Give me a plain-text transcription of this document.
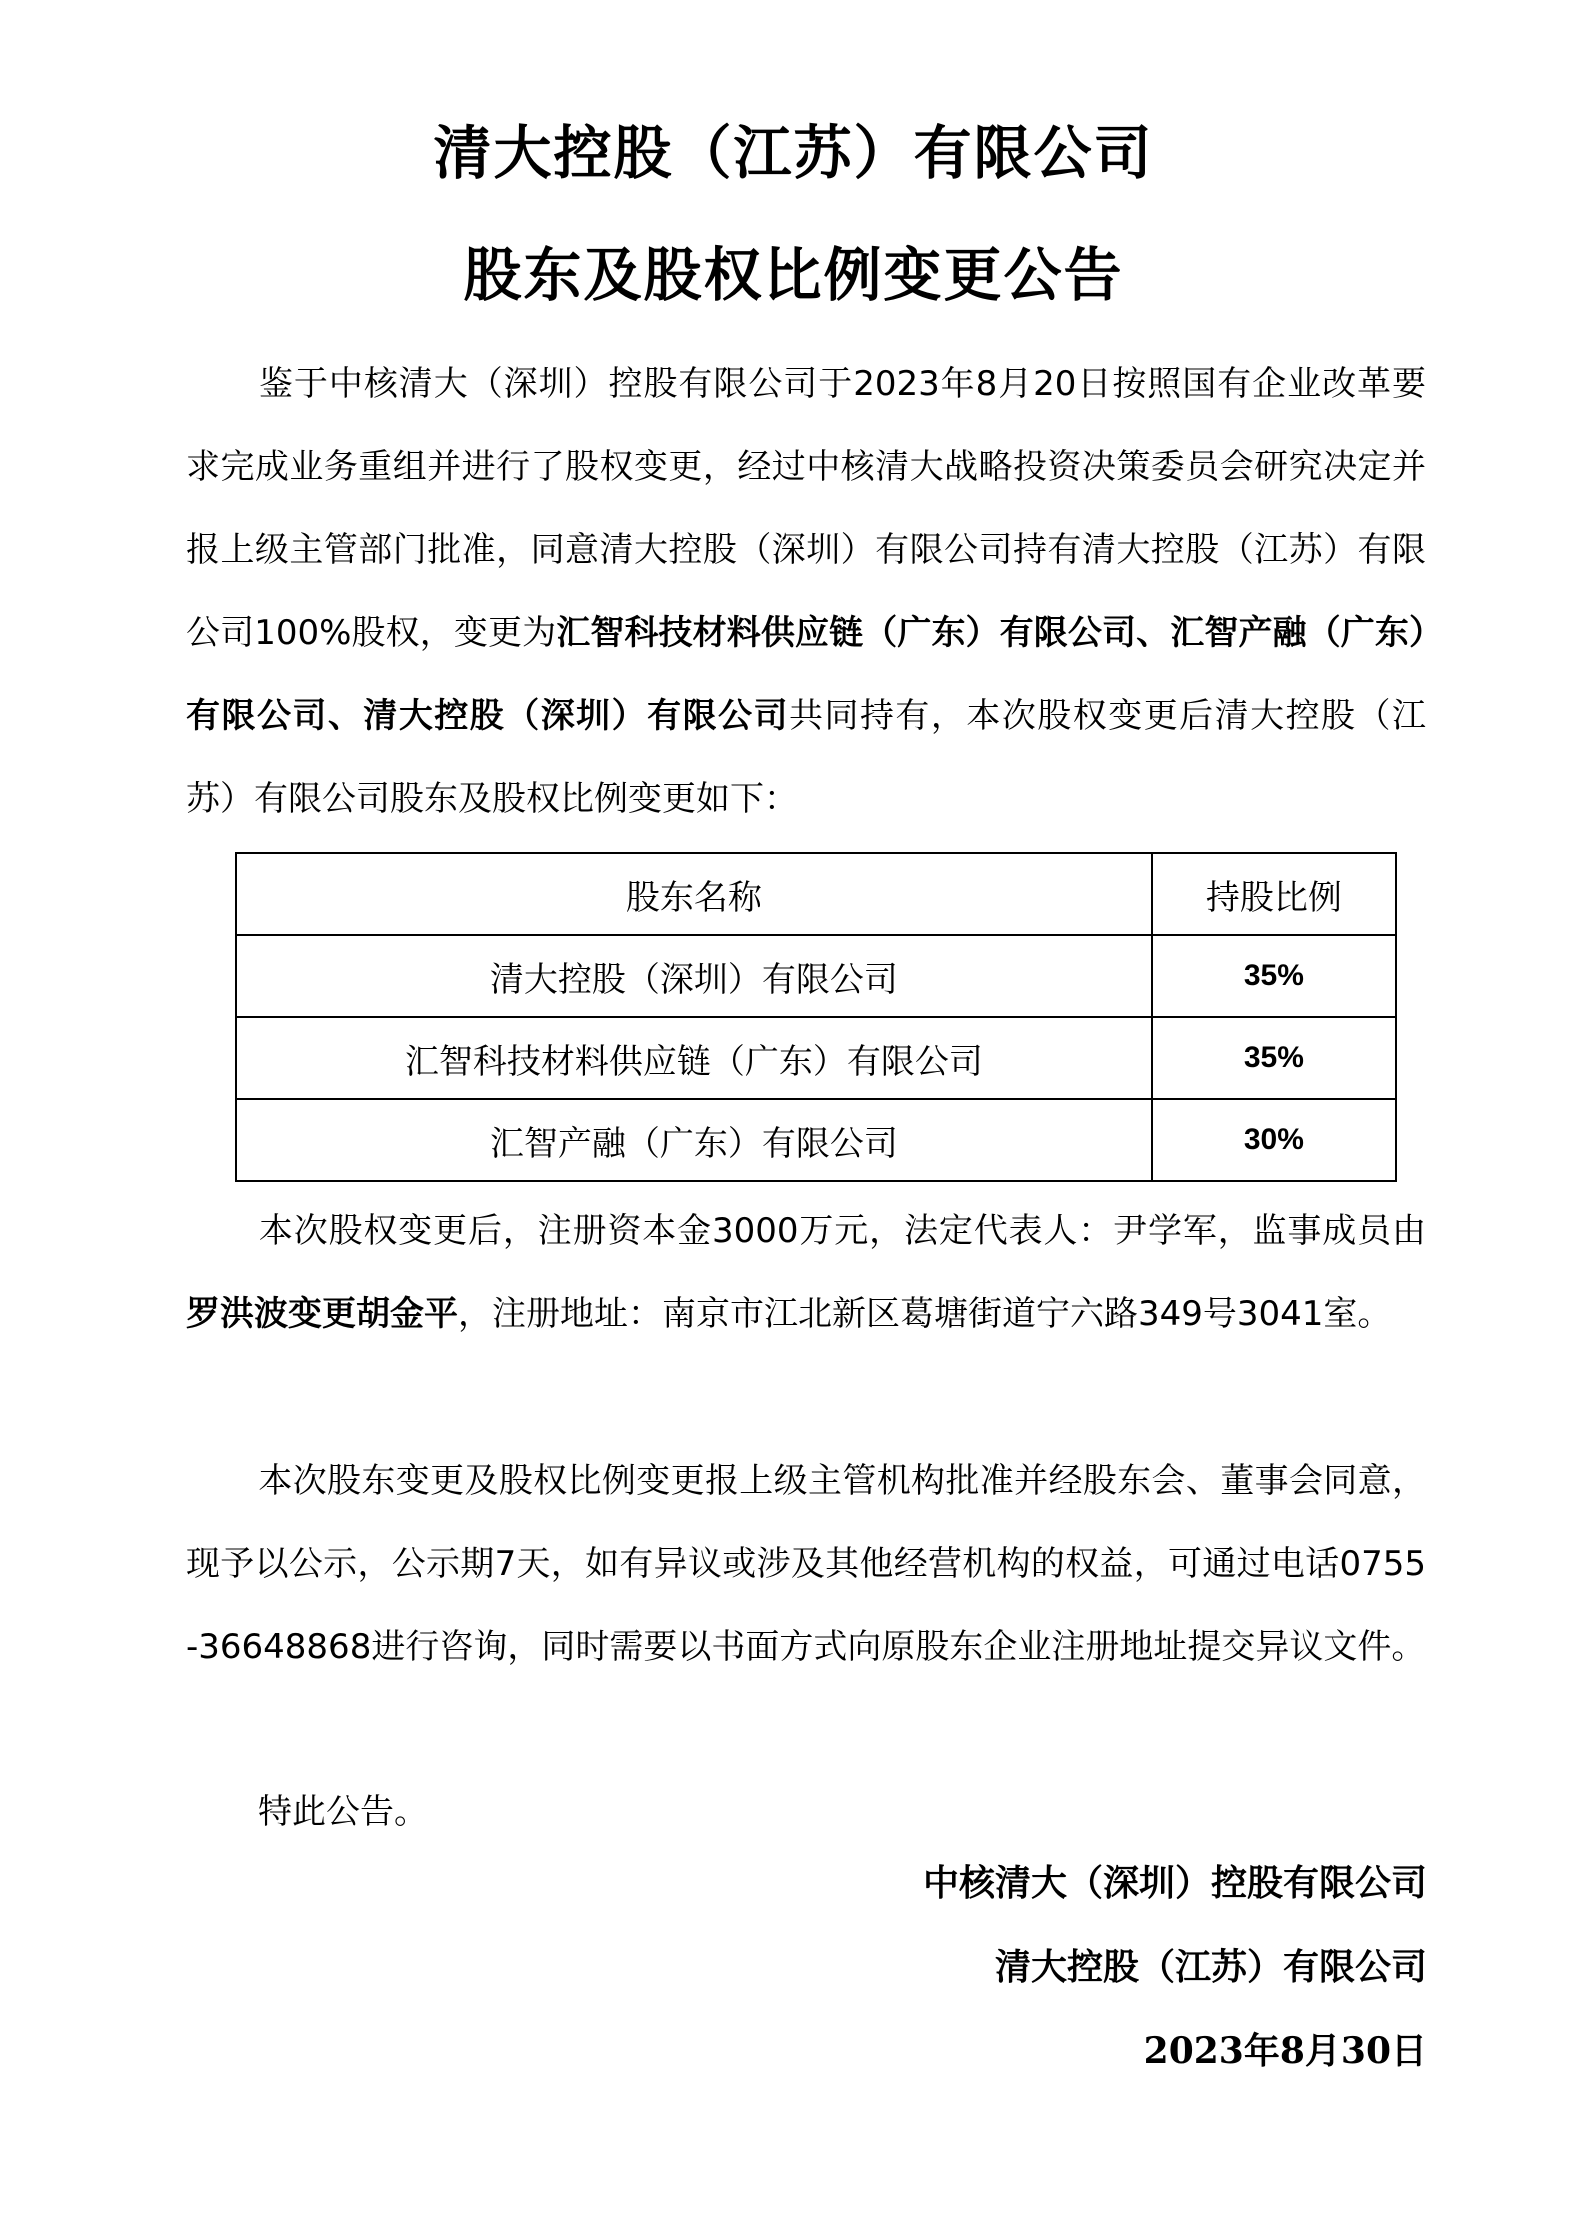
清大控股（江苏）有限公司
股东及股权比例变更公告
鉴于中核清大（深圳）控股有限公司于2023年8月20日按照国有企业改革要求完成业务重组并进行了股权变更，经过中核清大战略投资决策委员会研究决定并报上级主管部门批准，同意清大控股（深圳）有限公司持有清大控股（江苏）有限公司100%股权，变更为汇智科技材料供应链（广东）有限公司、汇智产融（广东）有限公司、清大控股（深圳）有限公司共同持有，本次股权变更后清大控股（江苏）有限公司股东及股权比例变更如下：
股东名称	持股比例
清大控股（深圳）有限公司	35%
汇智科技材料供应链（广东）有限公司	35%
汇智产融（广东）有限公司	30%
本次股权变更后，注册资本金3000万元，法定代表人：尹学军，监事成员由罗洪波变更胡金平，注册地址：南京市江北新区葛塘街道宁六路349号3041室。
本次股东变更及股权比例变更报上级主管机构批准并经股东会、董事会同意，现予以公示，公示期7天，如有异议或涉及其他经营机构的权益，可通过电话0755-36648868进行咨询，同时需要以书面方式向原股东企业注册地址提交异议文件。
特此公告。
中核清大（深圳）控股有限公司
清大控股（江苏）有限公司
2023年8月30日
